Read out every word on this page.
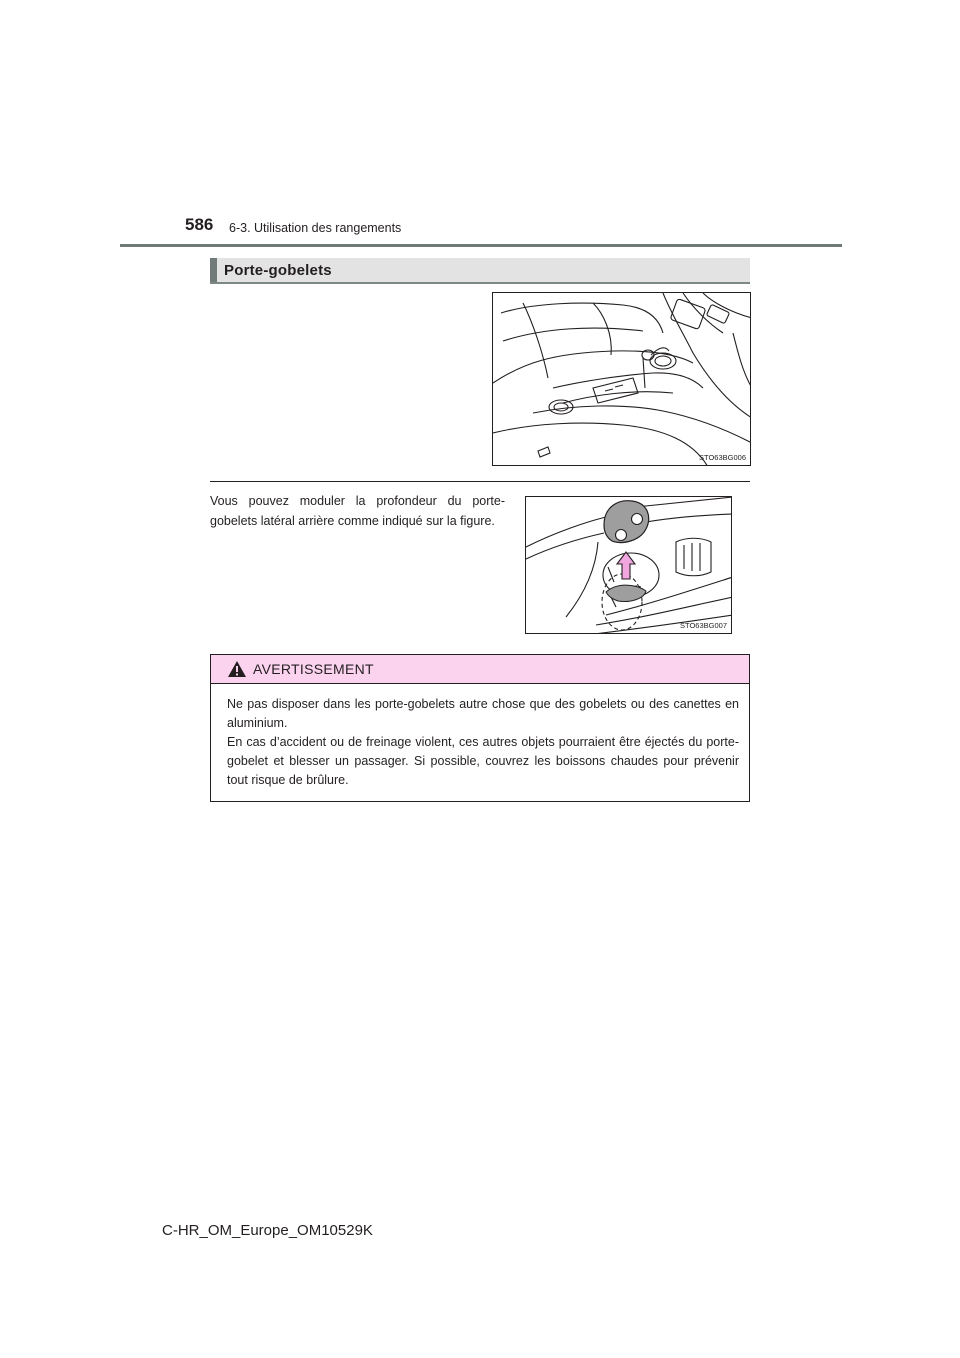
586 6-3. Utilisation des rangements
Porte-gobelets
STO63BG006
Vous pouvez moduler la profondeur du porte-gobelets latéral arrière comme indiqué sur la figure.
STO63BG007
AVERTISSEMENT

Ne pas disposer dans les porte-gobelets autre chose que des gobelets ou des canettes en aluminium.

En cas d’accident ou de freinage violent, ces autres objets pourraient être éjectés du porte-gobelet et blesser un passager. Si possible, couvrez les boissons chaudes pour prévenir tout risque de brûlure.

C-HR_OM_Europe_OM10529K
